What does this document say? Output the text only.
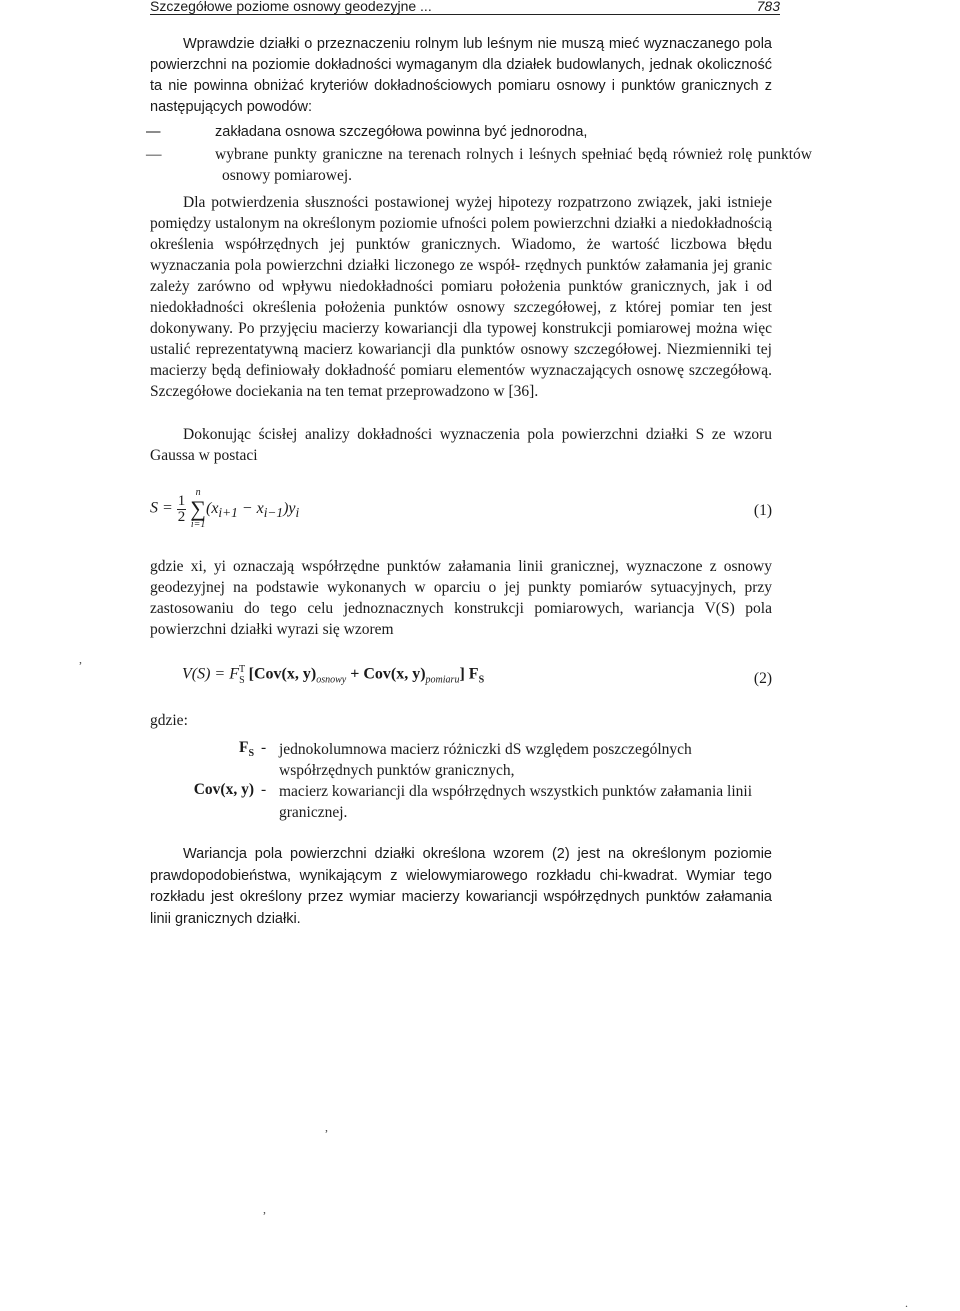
Szczegółowe poziome osnowy geodezyjne ...	783

Wprawdzie działki o przeznaczeniu rolnym lub leśnym nie muszą mieć wyznaczanego pola powierzchni na poziomie dokładności wymaganym dla działek budowlanych, jednak okoliczność ta nie powinna obniżać kryteriów dokładnościowych pomiaru osnowy i punktów granicznych z następujących powodów:

—	zakładana osnowa szczegółowa powinna być jednorodna,

—	wybrane punkty graniczne na terenach rolnych i leśnych spełniać będą również rolę punktów osnowy pomiarowej.

Dla potwierdzenia słuszności postawionej wyżej hipotezy rozpatrzono związek, jaki istnieje pomiędzy ustalonym na określonym poziomie ufności polem powierzchni działki a niedokładnością określenia współrzędnych jej punktów granicznych. Wiadomo, że wartość liczbowa błędu wyznaczania pola powierzchni działki liczonego ze współ- rzędnych punktów załamania jej granic zależy zarówno od wpływu niedokładności pomiaru położenia punktów granicznych, jak i od niedokładności określenia położenia punktów osnowy szczegółowej, z której pomiar ten jest dokonywany. Po przyjęciu macierzy kowariancji dla typowej konstrukcji pomiarowej można więc ustalić reprezentatywną macierz kowariancji dla punktów osnowy szczegółowej. Niezmienniki tej macierzy będą definiowały dokładność pomiaru elementów wyznaczających osnowę szczegółową. Szczegółowe dociekania na ten temat przeprowadzono w [36].

Dokonując ścisłej analizy dokładności wyznaczenia pola powierzchni działki S ze wzoru Gaussa w postaci

$S = \frac{1}{2}$

n
∑
i=1
$(x_{i+1} - x_{i-1})y_i$	(1)

gdzie xi, yi oznaczają współrzędne punktów załamania linii granicznej, wyznaczone z osnowy geodezyjnej na podstawie wykonanych w oparciu o jej punkty pomiarów sytuacyjnych, przy zastosowaniu do tego celu jednoznacznych konstrukcji pomiarowych, wariancja V(S) pola powierzchni działki wyrazi się wzorem

$V(S) = F^T_S$ [Cov(x, $y)_{osnowy} + Cov(x$, $y)_{pomiaru}$] $F_S$	(2)
gdzie:
$F_S$ - jednokolumnowa macierz różniczki dS względem poszczególnych współrzędnych punktów granicznych,

Cov(x, y) - macierz kowariancji dla współrzędnych wszystkich punktów załamania linii granicznej.

Wariancja pola powierzchni działki określona wzorem (2) jest na określonym poziomie prawdopodobieństwa, wynikającym z wielowymiarowego rozkładu chi-kwadrat. Wymiar tego rozkładu jest określony przez wymiar macierzy kowariancji współrzędnych punktów załamania linii granicznych działki.

,
,
,
.
